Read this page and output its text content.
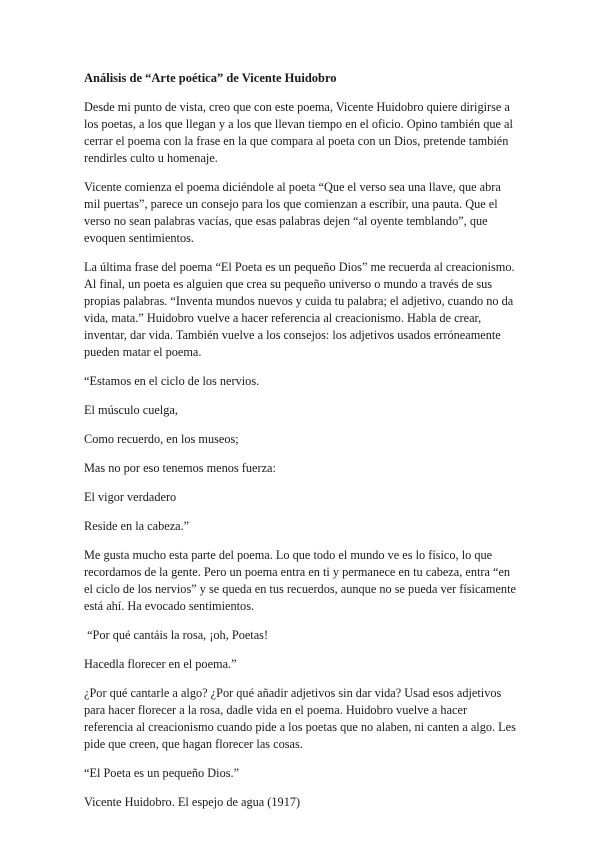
Análisis de “Arte poética” de Vicente Huidobro

Desde mi punto de vista, creo que con este poema, Vicente Huidobro quiere dirigirse a los poetas, a los que llegan y a los que llevan tiempo en el oficio. Opino también que al cerrar el poema con la frase en la que compara al poeta con un Dios, pretende también rendirles culto u homenaje.

Vicente comienza el poema diciéndole al poeta “Que el verso sea una llave, que abra mil puertas”, parece un consejo para los que comienzan a escribir, una pauta. Que el verso no sean palabras vacías, que esas palabras dejen “al oyente temblando”, que evoquen sentimientos.

La última frase del poema “El Poeta es un pequeño Dios” me recuerda al creacionismo. Al final, un poeta es alguien que crea su pequeño universo o mundo a través de sus propias palabras. “Inventa mundos nuevos y cuida tu palabra; el adjetivo, cuando no da vida, mata.” Huidobro vuelve a hacer referencia al creacionismo. Habla de crear, inventar, dar vida. También vuelve a los consejos: los adjetivos usados erróneamente pueden matar el poema.

“Estamos en el ciclo de los nervios.

El músculo cuelga,

Como recuerdo, en los museos;

Mas no por eso tenemos menos fuerza:

El vigor verdadero

Reside en la cabeza.”

Me gusta mucho esta parte del poema. Lo que todo el mundo ve es lo físico, lo que recordamos de la gente. Pero un poema entra en ti y permanece en tu cabeza, entra “en el ciclo de los nervios” y se queda en tus recuerdos, aunque no se pueda ver físicamente está ahí. Ha evocado sentimientos.

“Por qué cantáis la rosa, ¡oh, Poetas!

Hacedla florecer en el poema.”

¿Por qué cantarle a algo? ¿Por qué añadir adjetivos sin dar vida? Usad esos adjetivos para hacer florecer a la rosa, dadle vida en el poema. Huidobro vuelve a hacer referencia al creacionismo cuando pide a los poetas que no alaben, ni canten a algo. Les pide que creen, que hagan florecer las cosas.

“El Poeta es un pequeño Dios.”

Vicente Huidobro. El espejo de agua (1917)
